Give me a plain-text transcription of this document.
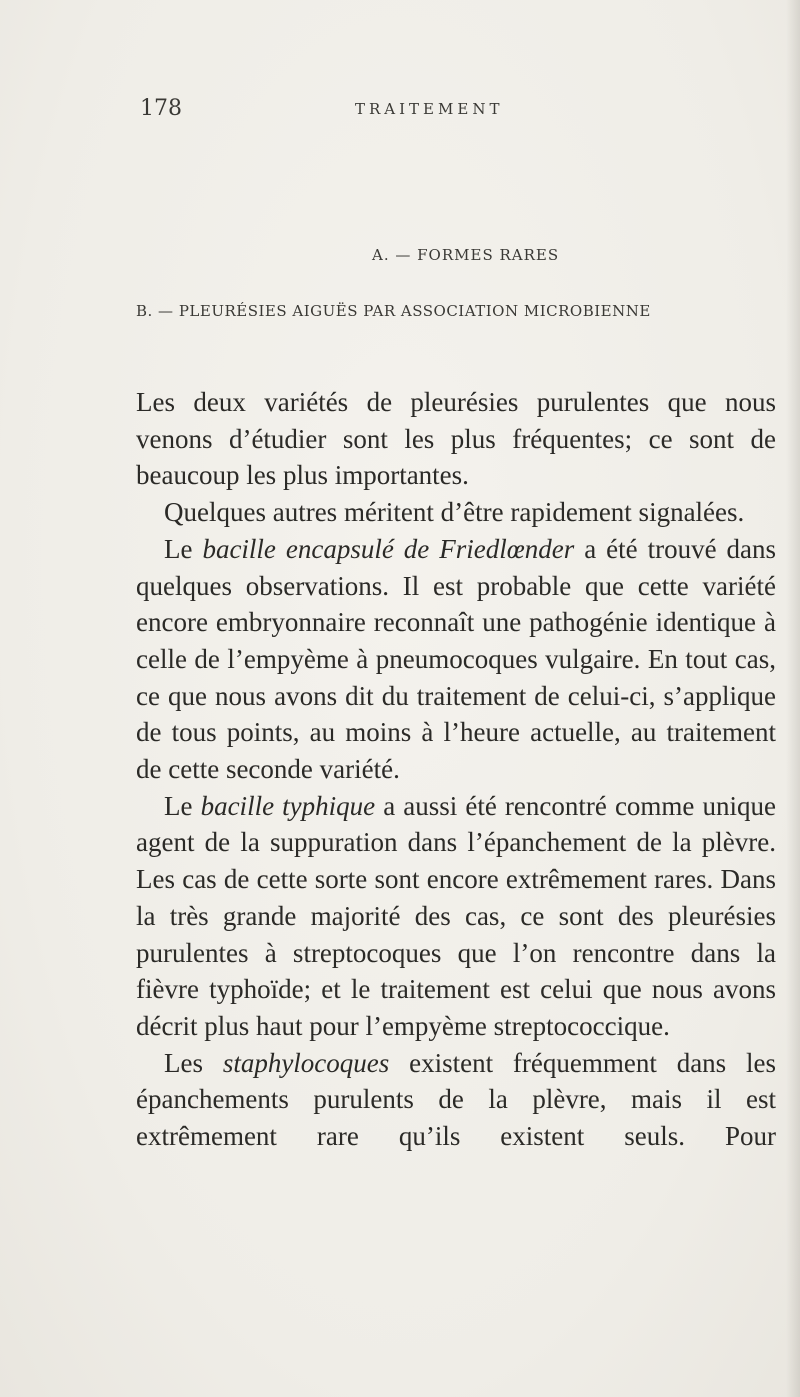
178	TRAITEMENT
A. — FORMES RARES
B. — PLEURÉSIES AIGUËS PAR ASSOCIATION MICROBIENNE

Les deux variétés de pleurésies purulentes que nous venons d’étudier sont les plus fréquentes; ce sont de beaucoup les plus importantes.

Quelques autres méritent d’être rapidement signalées.

Le bacille encapsulé de Friedlœnder a été trouvé dans quelques observations. Il est probable que cette variété encore embryonnaire reconnaît une pathogénie identique à celle de l’empyème à pneumocoques vulgaire. En tout cas, ce que nous avons dit du traitement de celui-ci, s’applique de tous points, au moins à l’heure actuelle, au traitement de cette seconde variété.

Le bacille typhique a aussi été rencontré comme unique agent de la suppuration dans l’épanchement de la plèvre. Les cas de cette sorte sont encore extrêmement rares. Dans la très grande majorité des cas, ce sont des pleurésies purulentes à streptocoques que l’on rencontre dans la fièvre typhoïde; et le traitement est celui que nous avons décrit plus haut pour l’empyème streptococcique.

Les staphylocoques existent fréquemment dans les épanchements purulents de la plèvre, mais il est extrêmement rare qu’ils existent seuls. Pour
